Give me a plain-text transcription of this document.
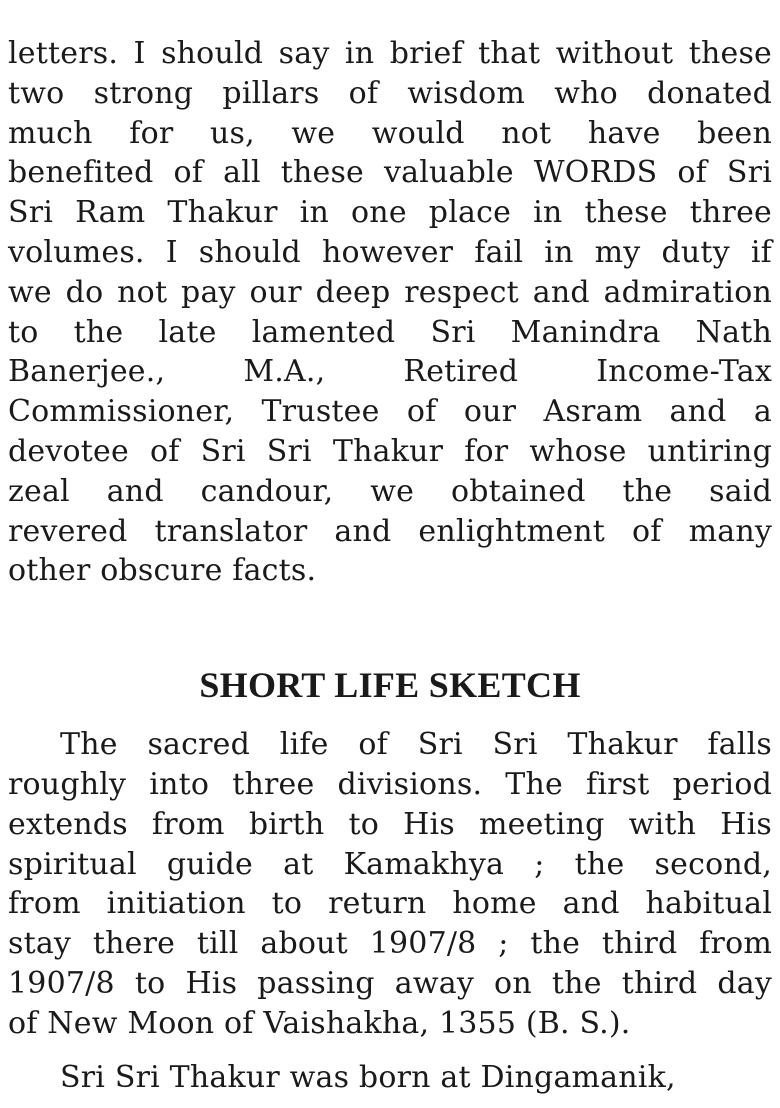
letters. I should say in brief that without these
two strong pillars of wisdom who donated
much for us, we would not have been
benefited of all these valuable WORDS of Sri
Sri Ram Thakur in one place in these three
volumes. I should however fail in my duty if
we do not pay our deep respect and admiration
to the late lamented Sri Manindra Nath
Banerjee., M.A., Retired Income-Tax
Commissioner, Trustee of our Asram and a
devotee of Sri Sri Thakur for whose untiring
zeal and candour, we obtained the said
revered translator and enlightment of many
other obscure facts.
SHORT LIFE SKETCH
The sacred life of Sri Sri Thakur falls
roughly into three divisions. The first period
extends from birth to His meeting with His
spiritual guide at Kamakhya ; the second,
from initiation to return home and habitual
stay there till about 1907/8 ; the third from
1907/8 to His passing away on the third day
of New Moon of Vaishakha, 1355 (B. S.).
Sri Sri Thakur was born at Dingamanik,
